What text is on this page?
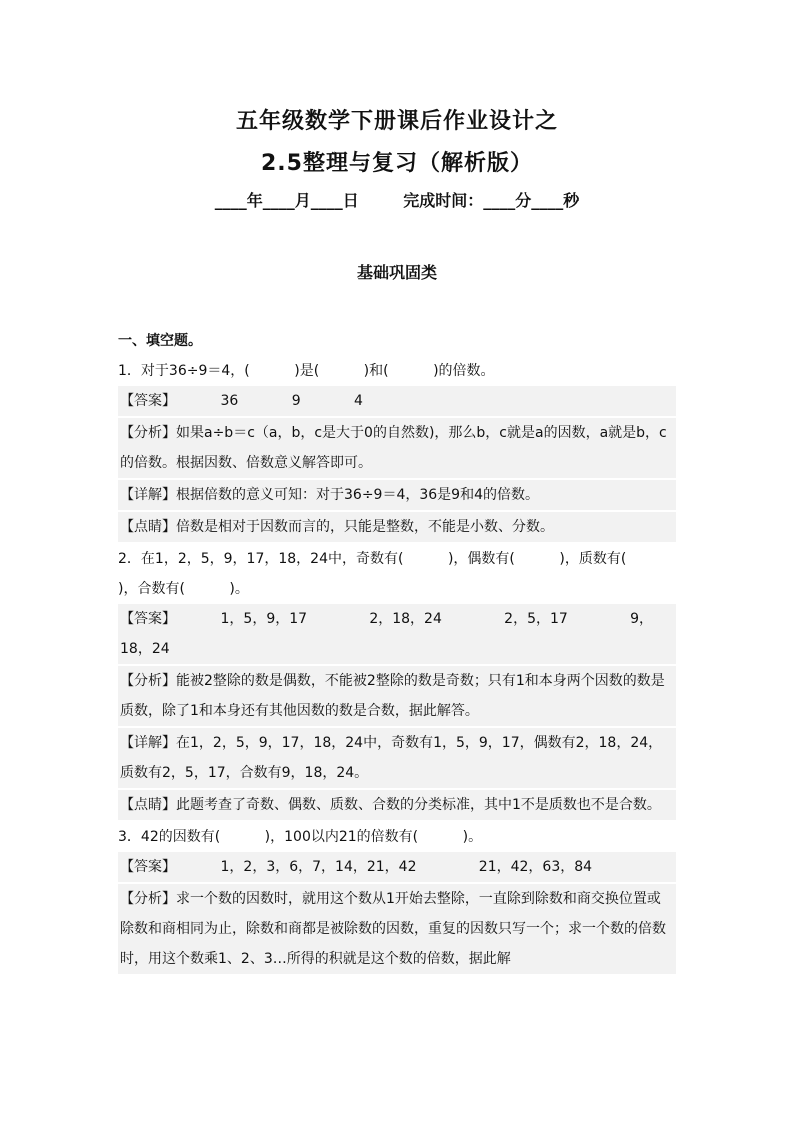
五年级数学下册课后作业设计之
2.5整理与复习（解析版）
____年____月____日        完成时间：____分____秒
基础巩固类
一、填空题。
1．对于36÷9＝4，(          )是(          )和(          )的倍数。
【答案】          36            9            4
【分析】如果a÷b＝c（a，b，c是大于0的自然数)，那么b，c就是a的因数，a就是b，c的倍数。根据因数、倍数意义解答即可。
【详解】根据倍数的意义可知：对于36÷9＝4，36是9和4的倍数。
【点睛】倍数是相对于因数而言的，只能是整数，不能是小数、分数。
2．在1，2，5，9，17，18，24中，奇数有(          )，偶数有(          )，质数有(          )，合数有(          )。
【答案】          1，5，9，17              2，18，24              2，5，17              9，18，24
【分析】能被2整除的数是偶数，不能被2整除的数是奇数；只有1和本身两个因数的数是质数，除了1和本身还有其他因数的数是合数，据此解答。
【详解】在1，2，5，9，17，18，24中，奇数有1，5，9，17，偶数有2，18，24，质数有2，5，17，合数有9，18，24。
【点睛】此题考查了奇数、偶数、质数、合数的分类标准，其中1不是质数也不是合数。
3．42的因数有(          )，100以内21的倍数有(          )。
【答案】          1，2，3，6，7，14，21，42              21，42，63，84
【分析】求一个数的因数时，就用这个数从1开始去整除，一直除到除数和商交换位置或除数和商相同为止，除数和商都是被除数的因数，重复的因数只写一个；求一个数的倍数时，用这个数乘1、2、3…所得的积就是这个数的倍数，据此解
